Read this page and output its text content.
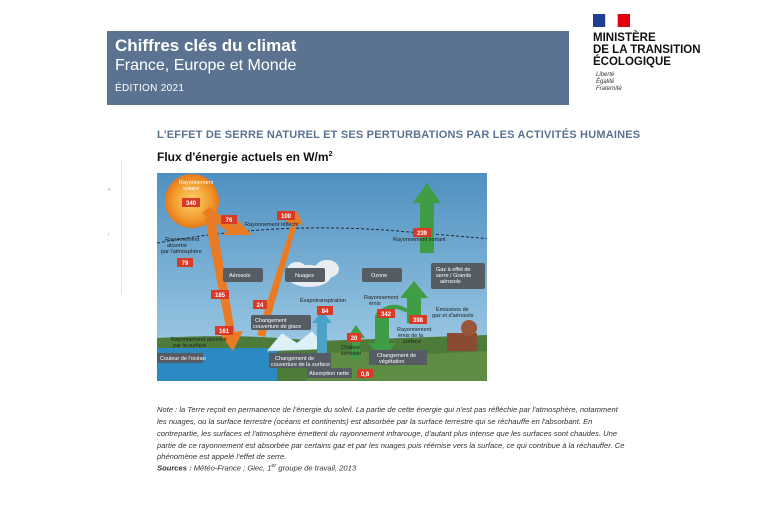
Chiffres clés du climat
France, Europe et Monde
ÉDITION 2021
MINISTÈRE
DE LA TRANSITION
ÉCOLOGIQUE
Liberté
Égalité
Fraternité
e
r
L'EFFET DE SERRE NATUREL ET SES PERTURBATIONS PAR LES ACTIVITÉS HUMAINES
Flux d'énergie actuels en $W/m^2$
340
76
100
79
239
185
24
161
84	342
20
398
0,6
Rayonnement
solaire
Rayonnement réfléchi
Rayonnement
absorbé
par l'atmosphère
Rayonnement sortant
Aérosols	Nuages	Ozone
Gaz à effet de
serre / Grands
aérosols
Évapotranspiration	Rayonnement
émis
Émissions de
gaz et d'aérosols
Changement
couverture de glace	Rayonnement
émis de la
surface
Rayonnement absorbé
par la surface	Chaleur
sensible
Couleur de l'océan	Changement de
couverture de la surface
Changement de
végétation
Absorption nette
Note : la Terre reçoit en permanence de l'énergie du soleil. La partie de cette énergie qui n'est pas réfléchie par l'atmosphère, notamment
les nuages, ou la surface terrestre (océans et continents) est absorbée par la surface terrestre qui se réchauffe en l'absorbant. En
contrepartie, les surfaces et l'atmosphère émettent du rayonnement infrarouge, d'autant plus intense que les surfaces sont chaudes. Une
partie de ce rayonnement est absorbée par certains gaz et par les nuages puis réémise vers la surface, ce qui contribue à la réchauffer. Ce
phénomène est appelé l'effet de serre.
Sources : Météo-France ; Giec, 1er groupe de travail, 2013
